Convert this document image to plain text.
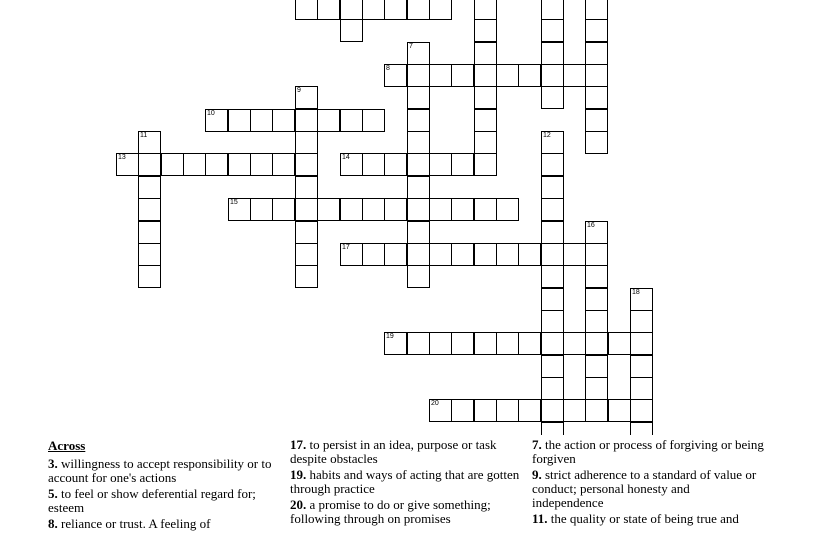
8
10
13	14
15
17
19
20
7
9
11	12
16
18
Across
3. willingness to accept responsibility or to account for one's actions
5. to feel or show deferential regard for; esteem
8. reliance or trust. A feeling of
17. to persist in an idea, purpose or task despite obstacles
19. habits and ways of acting that are gotten through practice
20. a promise to do or give something; following through on promises
7. the action or process of forgiving or being forgiven
9. strict adherence to a standard of value or conduct; personal honesty and independence
11. the quality or state of being true and
